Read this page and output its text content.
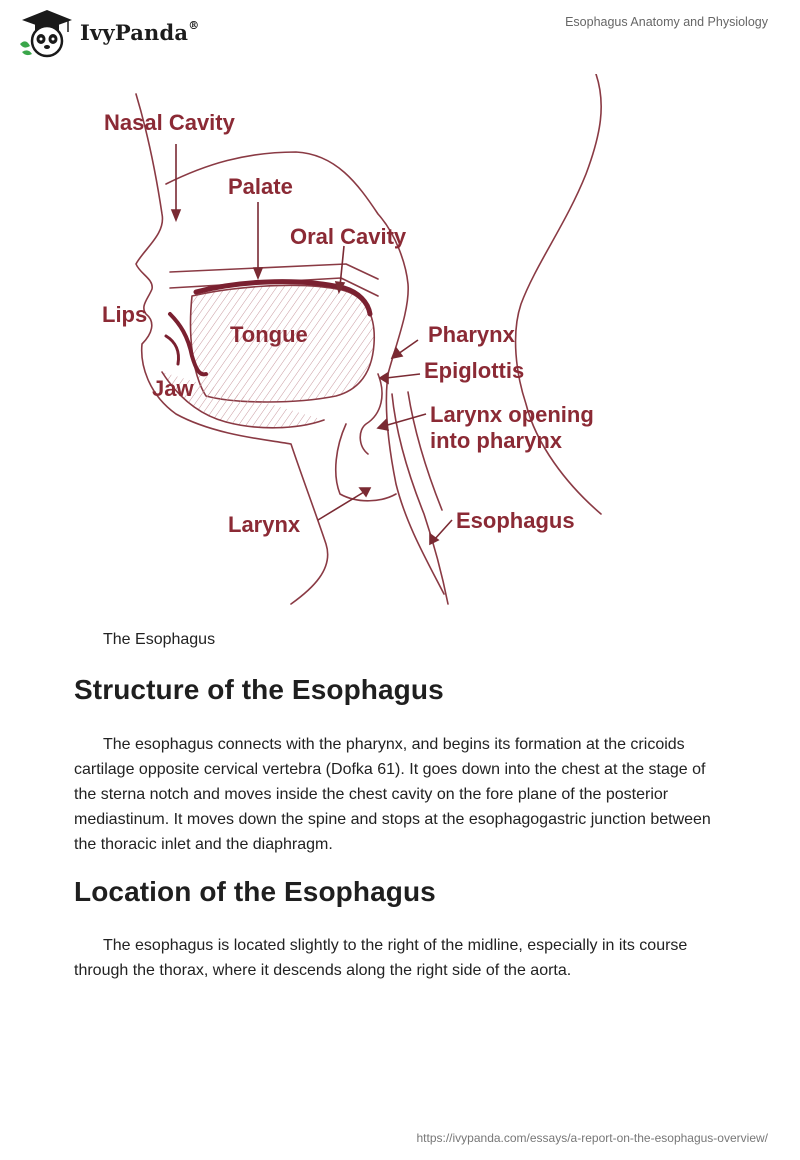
IvyPanda®	Esophagus Anatomy and Physiology
Nasal Cavity
Palate
Oral Cavity
Lips
Tongue
Jaw
Pharynx
Epiglottis
Larynx opening
into pharynx
Larynx	Esophagus
The Esophagus
Structure of the Esophagus

The esophagus connects with the pharynx, and begins its formation at the cricoids cartilage opposite cervical vertebra (Dofka 61). It goes down into the chest at the stage of the sterna notch and moves inside the chest cavity on the fore plane of the posterior mediastinum. It moves down the spine and stops at the esophagogastric junction between the thoracic inlet and the diaphragm.

Location of the Esophagus

The esophagus is located slightly to the right of the midline, especially in its course through the thorax, where it descends along the right side of the aorta.

https://ivypanda.com/essays/a-report-on-the-esophagus-overview/
